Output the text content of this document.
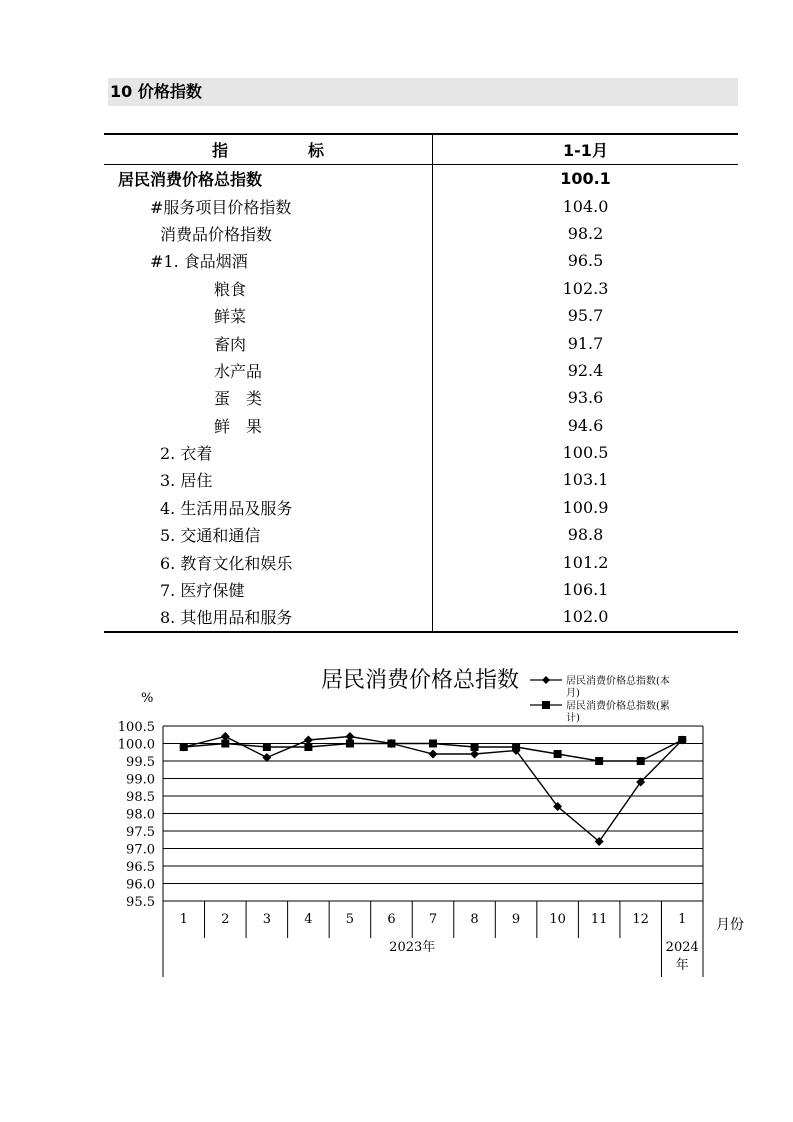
10 价格指数
指标	1-1月
居民消费价格总指数	100.1
#服务项目价格指数	104.0
消费品价格指数	98.2
#1. 食品烟酒	96.5
粮食	102.3
鲜菜	95.7
畜肉	91.7
水产品	92.4
蛋　类	93.6
鲜　果	94.6
2. 衣着	100.5
3. 居住	103.1
4. 生活用品及服务	100.9
5. 交通和通信	98.8
6. 教育文化和娱乐	101.2
7. 医疗保健	106.1
8. 其他用品和服务	102.0
100.5
100.0
99.5
99.0
98.5
98.0
97.5
97.0
96.5
96.0
95.5
1	2	3	4	5	6	7	8	9 10 11 12 1
2023年	2024 年
月份
%
居民消费价格总指数	居民消费价格总指数(本月)
居民消费价格总指数(累计)
